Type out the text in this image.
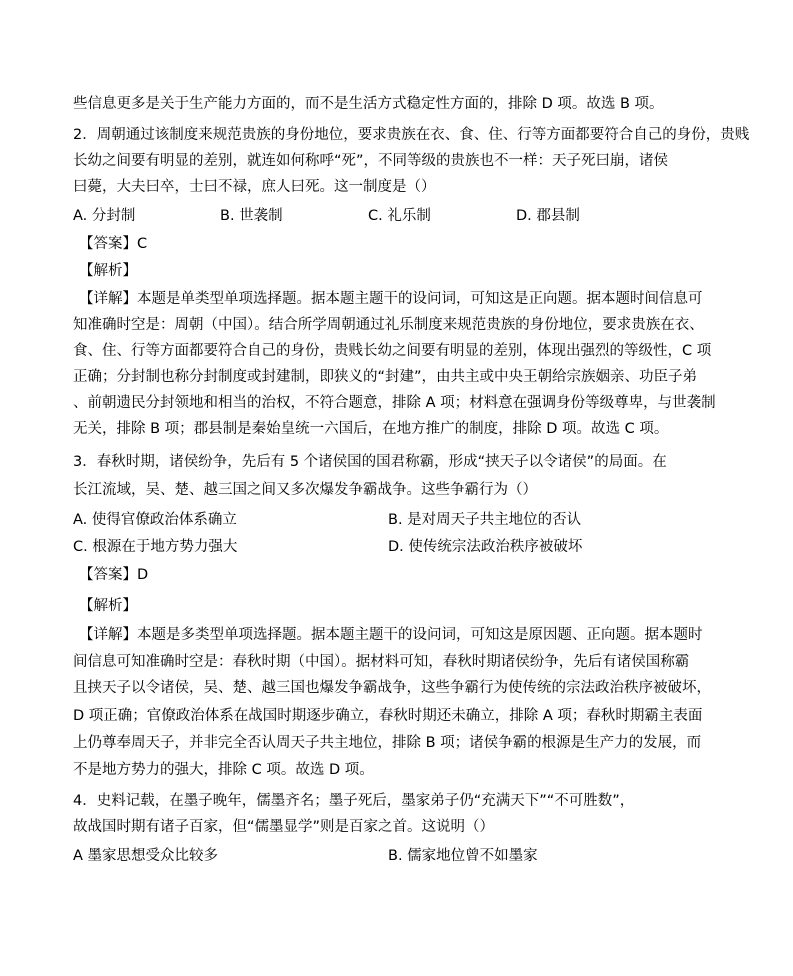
些信息更多是关于生产能力方面的，而不是生活方式稳定性方面的，排除 D 项。故选 B 项。
2．周朝通过该制度来规范贵族的身份地位，要求贵族在衣、食、住、行等方面都要符合自己的身份，贵贱
长幼之间要有明显的差别，就连如何称呼“死”，不同等级的贵族也不一样：天子死曰崩，诸侯
曰薨，大夫曰卒，士曰不禄，庶人曰死。这一制度是（）
A. 分封制	B. 世袭制	C. 礼乐制	D. 郡县制
【答案】C
【解析】
【详解】本题是单类型单项选择题。据本题主题干的设问词，可知这是正向题。据本题时间信息可
知准确时空是：周朝（中国）。结合所学周朝通过礼乐制度来规范贵族的身份地位，要求贵族在衣、
食、住、行等方面都要符合自己的身份，贵贱长幼之间要有明显的差别，体现出强烈的等级性，C 项
正确；分封制也称分封制度或封建制，即狭义的“封建”，由共主或中央王朝给宗族姻亲、功臣子弟
、前朝遗民分封领地和相当的治权，不符合题意，排除 A 项；材料意在强调身份等级尊卑，与世袭制
无关，排除 B 项；郡县制是秦始皇统一六国后，在地方推广的制度，排除 D 项。故选 C 项。
3．春秋时期，诸侯纷争，先后有 5 个诸侯国的国君称霸，形成“挟天子以令诸侯”的局面。在
长江流域，吴、楚、越三国之间又多次爆发争霸战争。这些争霸行为（）
A. 使得官僚政治体系确立	B. 是对周天子共主地位的否认
C. 根源在于地方势力强大	D. 使传统宗法政治秩序被破坏
【答案】D
【解析】
【详解】本题是多类型单项选择题。据本题主题干的设问词，可知这是原因题、正向题。据本题时
间信息可知准确时空是：春秋时期（中国）。据材料可知，春秋时期诸侯纷争，先后有诸侯国称霸
且挟天子以令诸侯，吴、楚、越三国也爆发争霸战争，这些争霸行为使传统的宗法政治秩序被破坏，
D 项正确；官僚政治体系在战国时期逐步确立，春秋时期还未确立，排除 A 项；春秋时期霸主表面
上仍尊奉周天子，并非完全否认周天子共主地位，排除 B 项；诸侯争霸的根源是生产力的发展，而
不是地方势力的强大，排除 C 项。故选 D 项。
4．史料记载，在墨子晚年，儒墨齐名；墨子死后，墨家弟子仍“充满天下”“不可胜数”，
故战国时期有诸子百家，但“儒墨显学”则是百家之首。这说明（）
A 墨家思想受众比较多	B. 儒家地位曾不如墨家
